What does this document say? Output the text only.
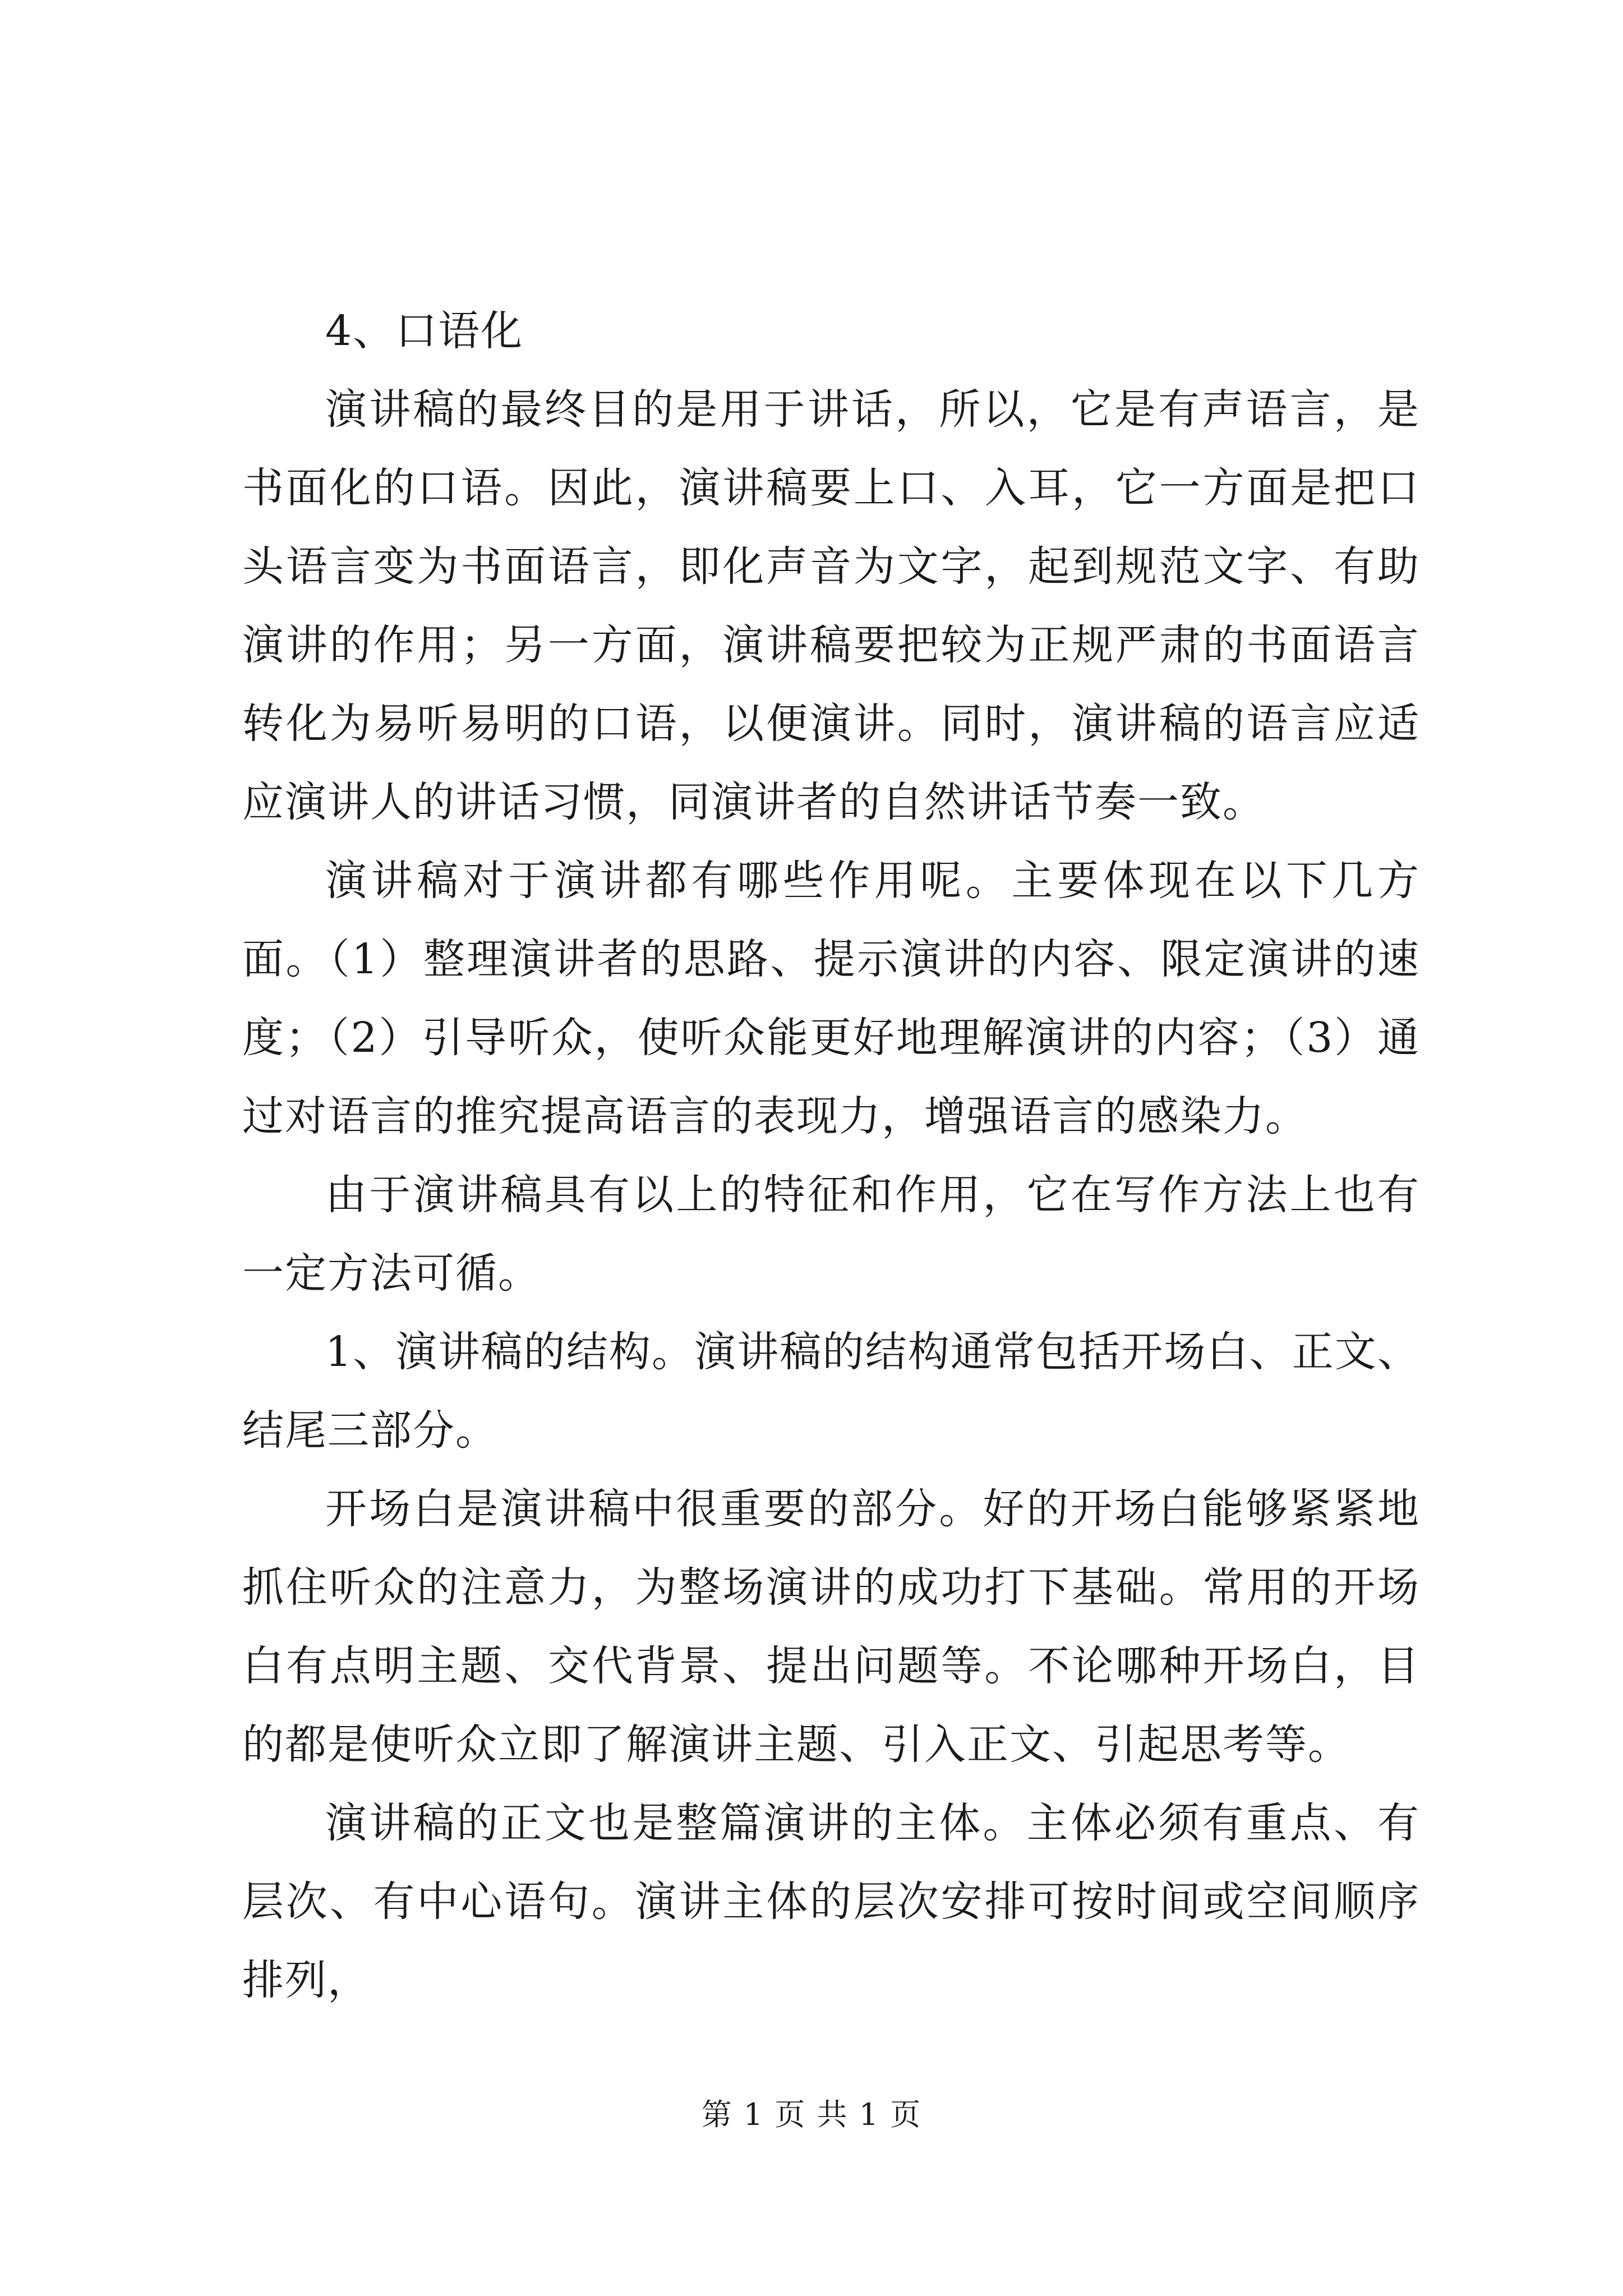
4、口语化

演讲稿的最终目的是用于讲话，所以，它是有声语言，是书面化的口语。因此，演讲稿要上口、入耳，它一方面是把口头语言变为书面语言，即化声音为文字，起到规范文字、有助演讲的作用；另一方面，演讲稿要把较为正规严肃的书面语言转化为易听易明的口语，以便演讲。同时，演讲稿的语言应适应演讲人的讲话习惯，同演讲者的自然讲话节奏一致。

演讲稿对于演讲都有哪些作用呢。主要体现在以下几方面。（1）整理演讲者的思路、提示演讲的内容、限定演讲的速度；（2）引导听众，使听众能更好地理解演讲的内容；（3）通过对语言的推究提高语言的表现力，增强语言的感染力。

由于演讲稿具有以上的特征和作用，它在写作方法上也有一定方法可循。

1、演讲稿的结构。演讲稿的结构通常包括开场白、正文、结尾三部分。

开场白是演讲稿中很重要的部分。好的开场白能够紧紧地抓住听众的注意力，为整场演讲的成功打下基础。常用的开场白有点明主题、交代背景、提出问题等。不论哪种开场白，目的都是使听众立即了解演讲主题、引入正文、引起思考等。

演讲稿的正文也是整篇演讲的主体。主体必须有重点、有层次、有中心语句。演讲主体的层次安排可按时间或空间顺序排列，

第 1 页 共 1 页
